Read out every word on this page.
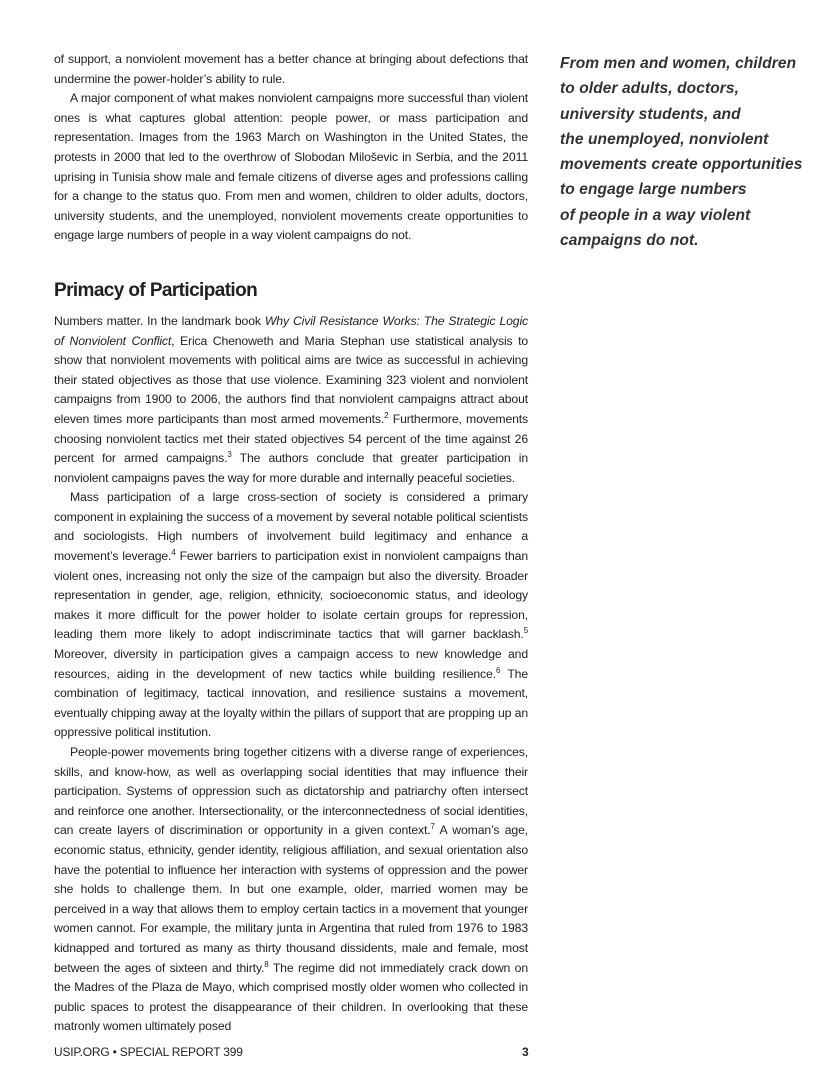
of support, a nonviolent movement has a better chance at bringing about defections that undermine the power-holder’s ability to rule.

A major component of what makes nonviolent campaigns more successful than violent ones is what captures global attention: people power, or mass participation and representation. Images from the 1963 March on Washington in the United States, the protests in 2000 that led to the overthrow of Slobodan Miloševic in Serbia, and the 2011 uprising in Tunisia show male and female citizens of diverse ages and professions calling for a change to the status quo. From men and women, children to older adults, doctors, university students, and the unemployed, nonviolent movements create opportunities to engage large numbers of people in a way violent campaigns do not.

Primacy of Participation

Numbers matter. In the landmark book Why Civil Resistance Works: The Strategic Logic of Nonviolent Conflict, Erica Chenoweth and Maria Stephan use statistical analysis to show that nonviolent movements with political aims are twice as successful in achieving their stated objectives as those that use violence. Examining 323 violent and nonviolent campaigns from 1900 to 2006, the authors find that nonviolent campaigns attract about eleven times more participants than most armed movements.$^2$ Furthermore, movements choosing nonviolent tactics met their stated objectives 54 percent of the time against 26 percent for armed campaigns.$^3$ The authors conclude that greater participation in nonviolent campaigns paves the way for more durable and internally peaceful societies.

Mass participation of a large cross-section of society is considered a primary component in explaining the success of a movement by several notable political scientists and sociologists. High numbers of involvement build legitimacy and enhance a movement’s leverage.$^4$ Fewer barriers to participation exist in nonviolent campaigns than violent ones, increasing not only the size of the campaign but also the diversity. Broader representation in gender, age, religion, ethnicity, socioeconomic status, and ideology makes it more difficult for the power holder to isolate certain groups for repression, leading them more likely to adopt indiscriminate tactics that will garner backlash.$^5$ Moreover, diversity in participation gives a campaign access to new knowledge and resources, aiding in the development of new tactics while building resilience.$^6$ The combination of legitimacy, tactical innovation, and resilience sustains a movement, eventually chipping away at the loyalty within the pillars of support that are propping up an oppressive political institution.

People-power movements bring together citizens with a diverse range of experiences, skills, and know-how, as well as overlapping social identities that may influence their participation. Systems of oppression such as dictatorship and patriarchy often intersect and reinforce one another. Intersectionality, or the interconnectedness of social identities, can create layers of discrimination or opportunity in a given context.$^7$ A woman’s age, economic status, ethnicity, gender identity, religious affiliation, and sexual orientation also have the potential to influence her interaction with systems of oppression and the power she holds to challenge them. In but one example, older, married women may be perceived in a way that allows them to employ certain tactics in a movement that younger women cannot. For example, the military junta in Argentina that ruled from 1976 to 1983 kidnapped and tortured as many as thirty thousand dissidents, male and female, most between the ages of sixteen and thirty.$^8$ The regime did not immediately crack down on the Madres of the Plaza de Mayo, which comprised mostly older women who collected in public spaces to protest the disappearance of their children. In overlooking that these matronly women ultimately posed

From men and women, children
to older adults, doctors,
university students, and
the unemployed, nonviolent
movements create opportunities
to engage large numbers
of people in a way violent
campaigns do not.
USIP.ORG • SPECIAL REPORT 399	3
